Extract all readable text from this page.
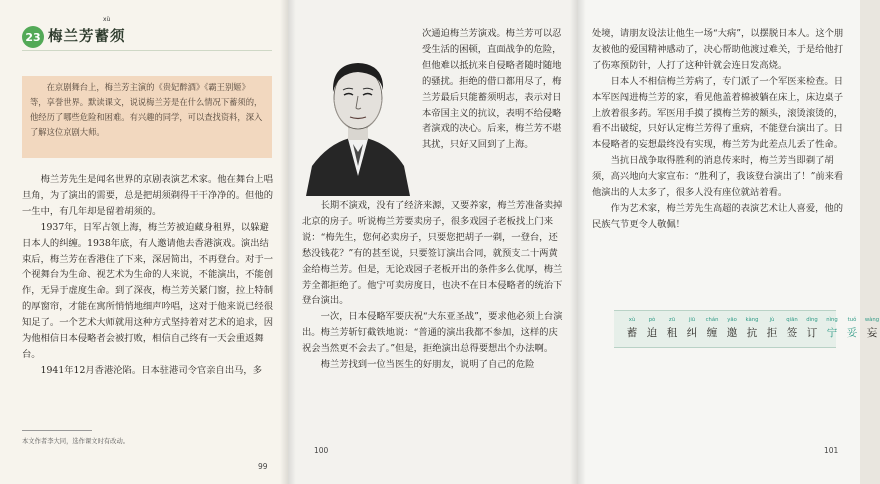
23
xù
梅兰芳蓄须

在京剧舞台上，梅兰芳主演的《贵妃醉酒》《霸王别姬》等，享誉世界。默读课文，说说梅兰芳是在什么情况下蓄须的，他经历了哪些危险和困难。有兴趣的同学，可以查找资料，深入了解这位京剧大师。

梅兰芳先生是闻名世界的京剧表演艺术家。他在舞台上唱旦角，为了演出的需要，总是把胡须剃得干干净净的。但他的一生中，有几年却是留着胡须的。

1937年，日军占领上海，梅兰芳被迫藏身租界，以躲避日本人的纠缠。1938年底，有人邀请他去香港演戏。演出结束后，梅兰芳在香港住了下来，深居简出，不再登台。对于一个视舞台为生命、视艺术为生命的人来说，不能演出，不能创作，无异于虚度生命。到了深夜，梅兰芳关紧门窗，拉上特制的厚窗帘，才能在寓所悄悄地细声吟唱，这对于他来说已经很知足了。一个艺术大师就用这种方式坚持着对艺术的追求，因为他相信日本侵略者会被打败，相信自己终有一天会重返舞台。

1941年12月香港沦陷。日本驻港司令官亲自出马，多

本文作者李大同，选作课文时有改动。
99

次通迫梅兰芳演戏。梅兰芳可以忍受生活的困顿，直面战争的危险，但他难以抵抗来自侵略者随时随地的骚扰。拒绝的借口都用尽了，梅兰芳最后只能蓄须明志，表示对日本帝国主义的抗议，表明不给侵略者演戏的决心。后来，梅兰芳不堪其扰，只好又回到了上海。

长期不演戏，没有了经济来源，又要养家，梅兰芳准备卖掉北京的房子。听说梅兰芳要卖房子，很多戏园子老板找上门来说：“梅先生，您何必卖房子，只要您把胡子一剃，一登台，还愁没钱花？”有的甚至说，只要签订演出合同，就预支二十两黄金给梅兰芳。但是，无论戏园子老板开出的条件多么优厚，梅兰芳全都拒绝了。他宁可卖房度日，也决不在日本侵略者的统治下登台演出。

一次，日本侵略军要庆祝“大东亚圣战”，要求他必须上台演出。梅兰芳斩钉截铁地说：“普通的演出我都不参加，这样的庆祝会当然更不会去了。”但是，拒绝演出总得要想出个办法啊。

梅兰芳找到一位当医生的好朋友，说明了自己的危险

100

处境，请朋友设法让他生一场“大病”，以摆脱日本人。这个朋友被他的爱国精神感动了，决心帮助他渡过难关，于是给他打了伤寒预防针，人打了这种针就会连日发高烧。

日本人不相信梅兰芳病了，专门派了一个军医来检查。日本军医闯进梅兰芳的家，看见他盖着棉被躺在床上，床边桌子上放着很多药。军医用手摸了摸梅兰芳的额头，滚烫滚烫的，看不出破绽，只好认定梅兰芳得了重病，不能登台演出了。日本侵略者的妄想最终没有实现，梅兰芳为此差点儿丢了性命。

当抗日战争取得胜利的消息传来时，梅兰芳当即剃了胡须，高兴地向大家宣布：“胜利了，我该登台演出了！”前来看他演出的人太多了，很多人没有座位就站着看。

作为艺术家，梅兰芳先生高超的表演艺术让人喜爱，他的民族气节更令人敬佩！

xù
蓄
pò
迫
zū
租
jiū
纠
chán
缠
yāo
邀
kàng
抗
jù
拒
qiān
签
dìng
订
nìng
宁
tuǒ
妥
wàng
妄
101
